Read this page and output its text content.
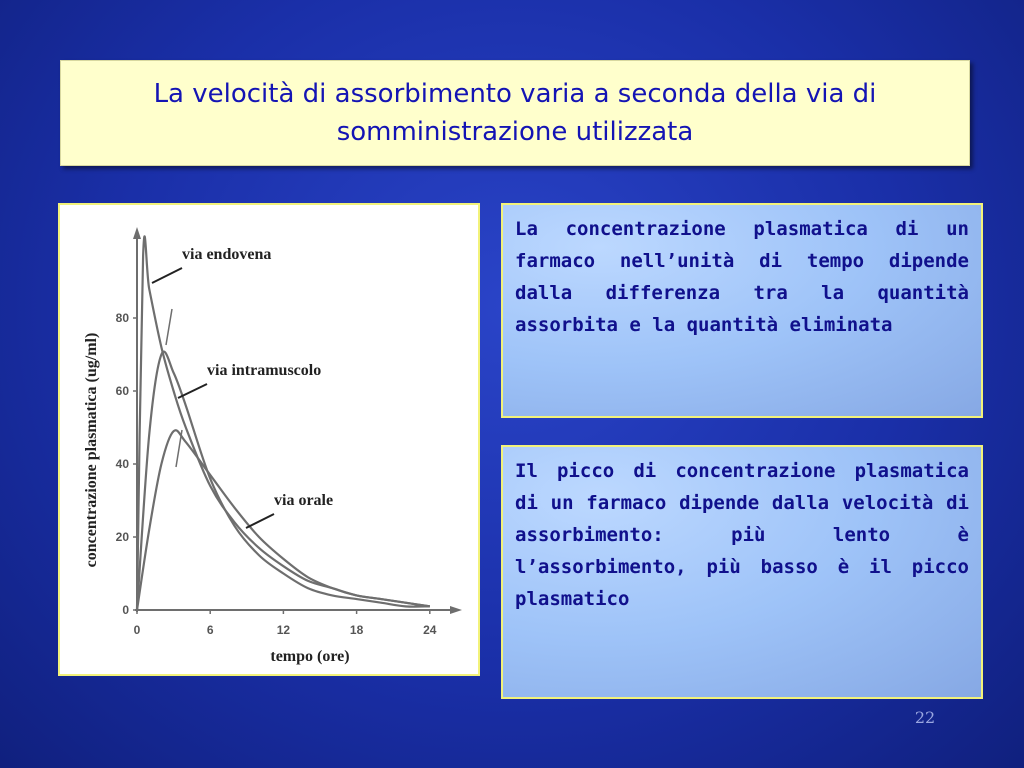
La velocità di assorbimento varia a seconda della via di somministrazione utilizzata
0	6	12	18	24
0
20
40
60
80
tempo (ore)
concentrazione plasmatica (ug/ml)
via endovena
via intramuscolo
via orale
La concentrazione plasmatica di un farmaco nell’unità di tempo dipende dalla differenza tra la quantità assorbita e la quantità eliminata
Il picco di concentrazione plasmatica di un farmaco dipende dalla velocità di assorbimento: più lento è l’assorbimento, più basso è il picco plasmatico
22
